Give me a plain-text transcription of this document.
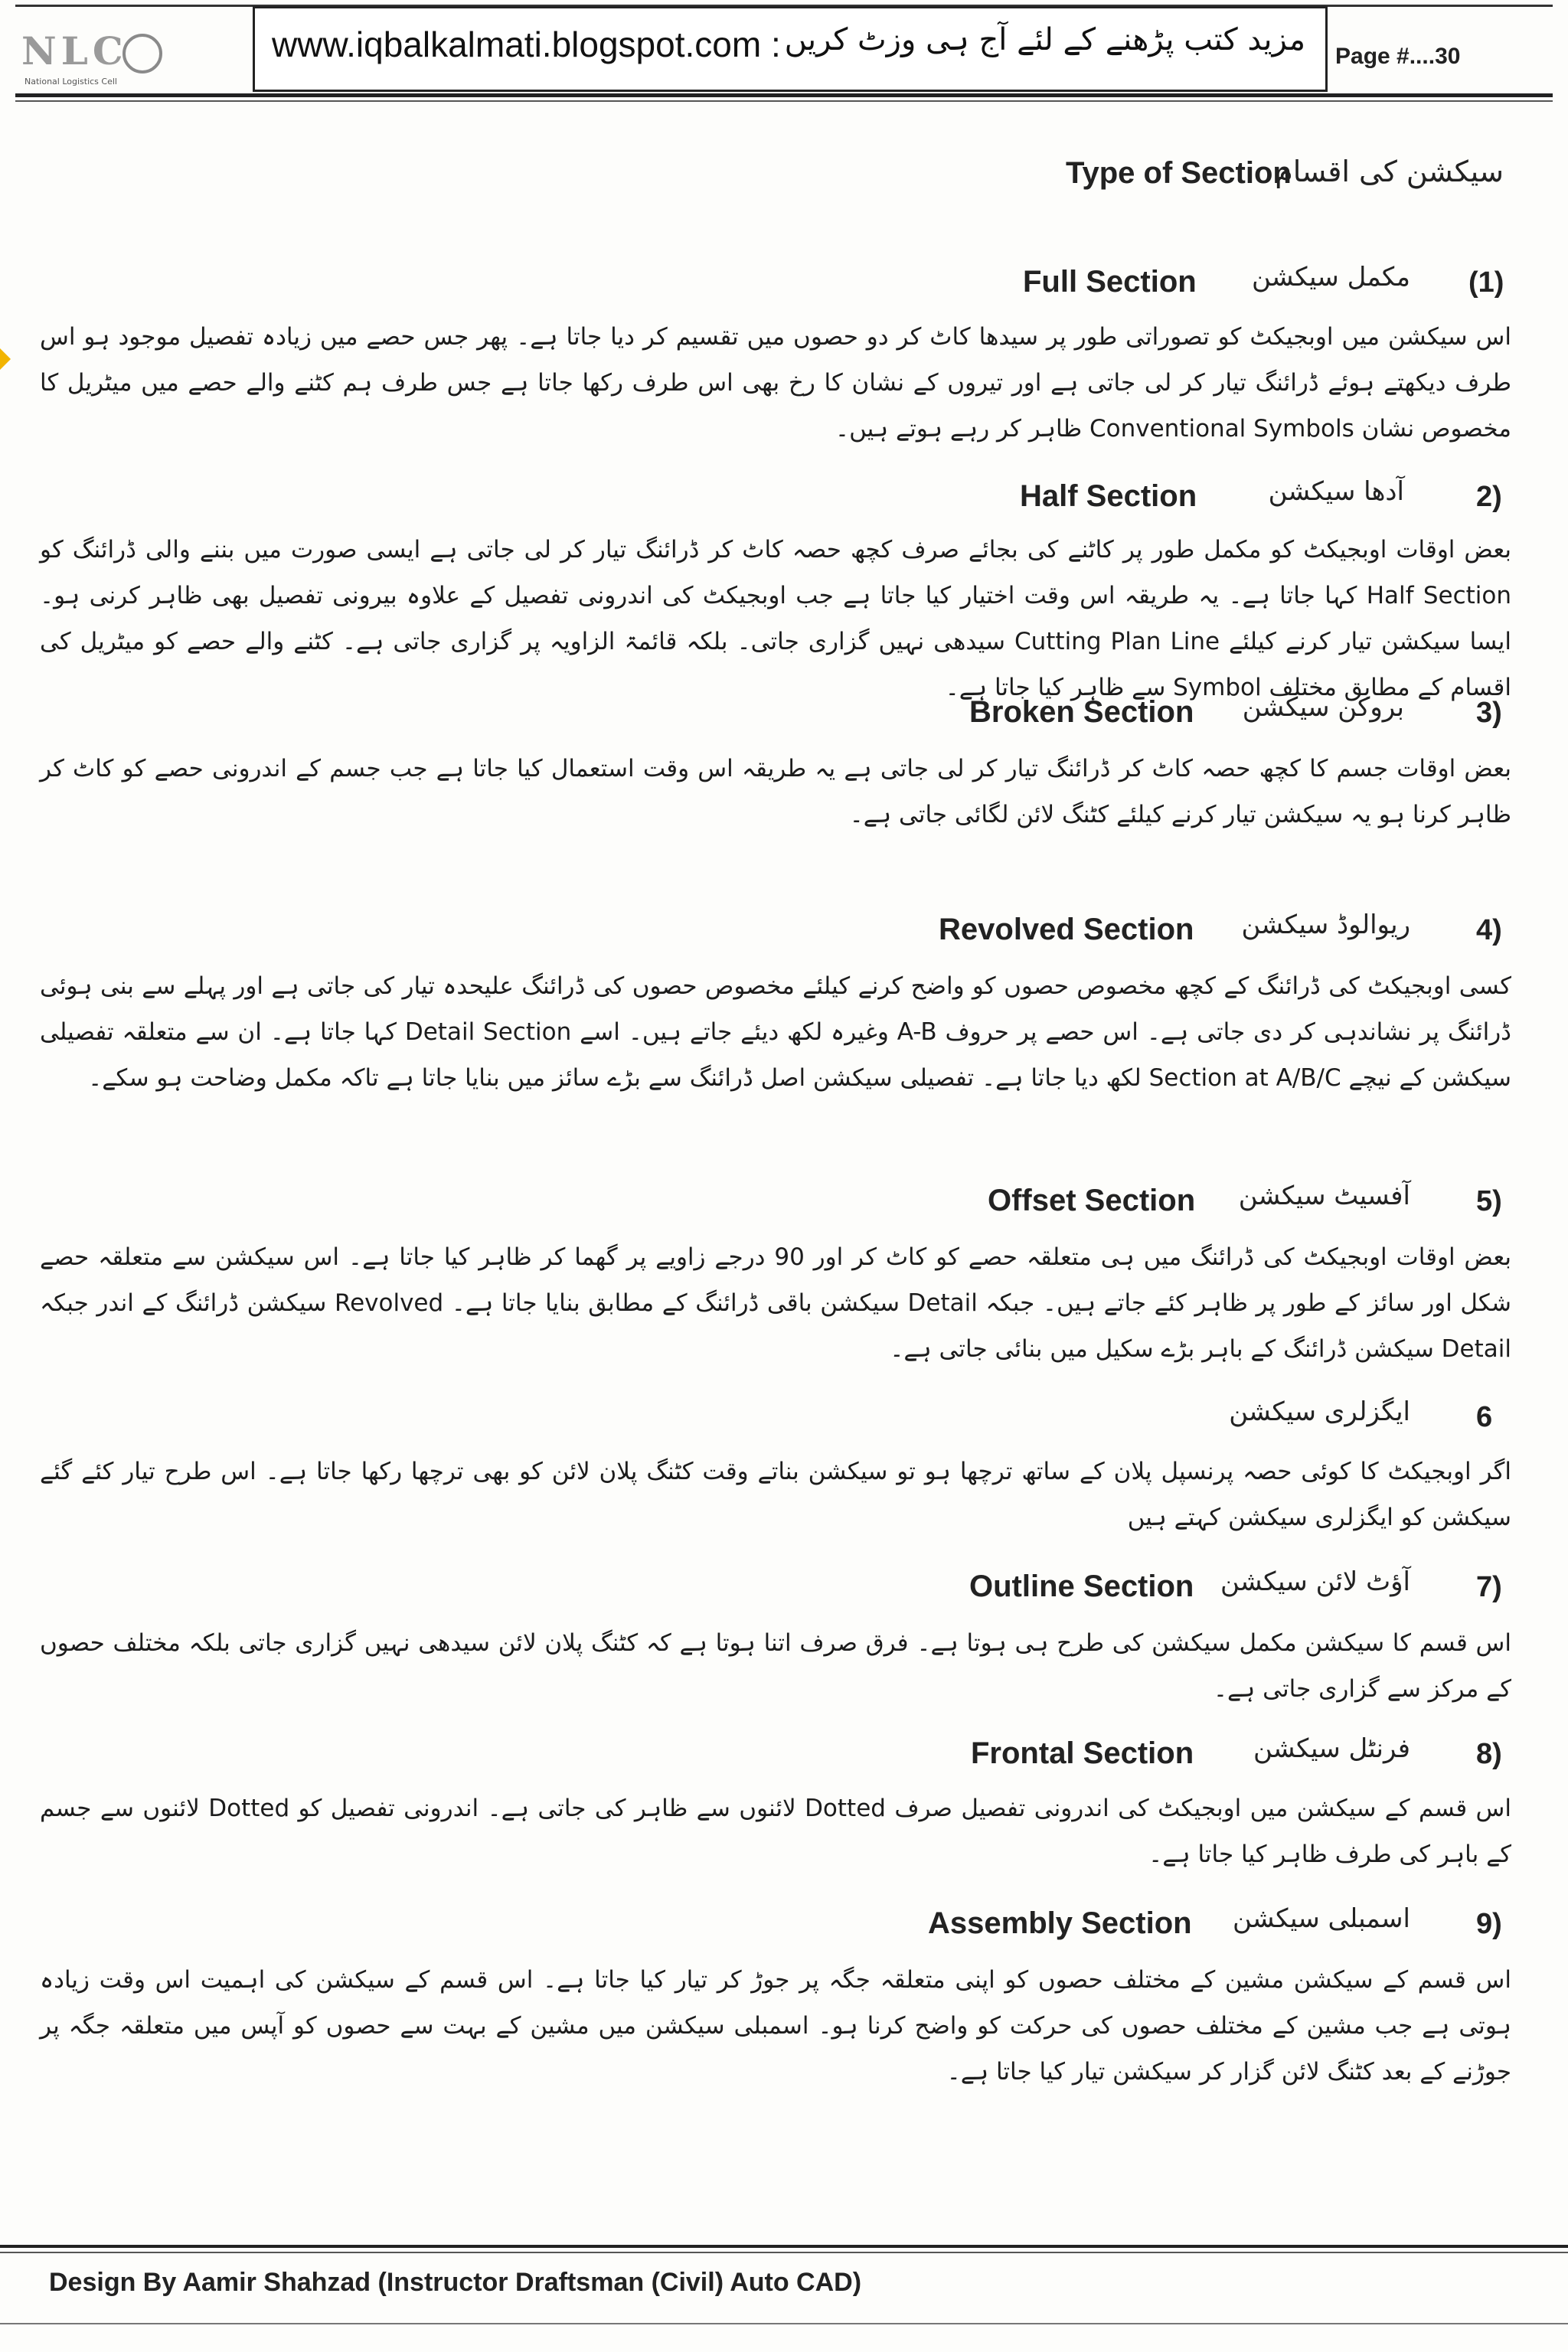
NLC
National Logistics Cell
www.iqbalkalmati.blogspot.com : مزید کتب پڑھنے کے لئے آج ہی وزٹ کریں Page #....30
Type of Section
سیکشن کی اقسام
Full Section مکمل سیکشن (1)
اس سیکشن میں اوبجیکٹ کو تصوراتی طور پر سیدھا کاٹ کر دو حصوں میں تقسیم کر دیا جاتا ہے۔ پھر جس حصے میں زیادہ تفصیل موجود ہو اس طرف دیکھتے ہوئے ڈرائنگ تیار کر لی جاتی ہے اور تیروں کے نشان کا رخ بھی اس طرف رکھا جاتا ہے جس طرف ہم کٹنے والے حصے میں میٹریل کا مخصوص نشان Conventional Symbols ظاہر کر رہے ہوتے ہیں۔
Half Section	آدھا سیکشن 2)
بعض اوقات اوبجیکٹ کو مکمل طور پر کاٹنے کی بجائے صرف کچھ حصہ کاٹ کر ڈرائنگ تیار کر لی جاتی ہے ایسی صورت میں بننے والی ڈرائنگ کو Half Section کہا جاتا ہے۔ یہ طریقہ اس وقت اختیار کیا جاتا ہے جب اوبجیکٹ کی اندرونی تفصیل کے علاوہ بیرونی تفصیل بھی ظاہر کرنی ہو۔ ایسا سیکشن تیار کرنے کیلئے Cutting Plan Line سیدھی نہیں گزاری جاتی۔ بلکہ قائمۃ الزاویہ پر گزاری جاتی ہے۔ کٹنے والے حصے کو میٹریل کی اقسام کے مطابق مختلف Symbol سے ظاہر کیا جاتا ہے۔
Broken Section بروکن سیکشن 3)
بعض اوقات جسم کا کچھ حصہ کاٹ کر ڈرائنگ تیار کر لی جاتی ہے یہ طریقہ اس وقت استعمال کیا جاتا ہے جب جسم کے اندرونی حصے کو کاٹ کر ظاہر کرنا ہو یہ سیکشن تیار کرنے کیلئے کٹنگ لائن لگائی جاتی ہے۔
Revolved Section ریوالوڈ سیکشن 4)
کسی اوبجیکٹ کی ڈرائنگ کے کچھ مخصوص حصوں کو واضح کرنے کیلئے مخصوص حصوں کی ڈرائنگ علیحدہ تیار کی جاتی ہے اور پہلے سے بنی ہوئی ڈرائنگ پر نشاندہی کر دی جاتی ہے۔ اس حصے پر حروف A-B وغیرہ لکھ دیئے جاتے ہیں۔ اسے Detail Section کہا جاتا ہے۔ ان سے متعلقہ تفصیلی سیکشن کے نیچے Section at A/B/C لکھ دیا جاتا ہے۔ تفصیلی سیکشن اصل ڈرائنگ سے بڑے سائز میں بنایا جاتا ہے تاکہ مکمل وضاحت ہو سکے۔
Offset Section آفسیٹ سیکشن 5)
بعض اوقات اوبجیکٹ کی ڈرائنگ میں ہی متعلقہ حصے کو کاٹ کر اور 90 درجے زاویے پر گھما کر ظاہر کیا جاتا ہے۔ اس سیکشن سے متعلقہ حصے شکل اور سائز کے طور پر ظاہر کئے جاتے ہیں۔ جبکہ Detail سیکشن باقی ڈرائنگ کے مطابق بنایا جاتا ہے۔ Revolved سیکشن ڈرائنگ کے اندر جبکہ Detail سیکشن ڈرائنگ کے باہر بڑے سکیل میں بنائی جاتی ہے۔
ایگزلری سیکشن 6
اگر اوبجیکٹ کا کوئی حصہ پرنسپل پلان کے ساتھ ترچھا ہو تو سیکشن بناتے وقت کٹنگ پلان لائن کو بھی ترچھا رکھا جاتا ہے۔ اس طرح تیار کئے گئے سیکشن کو ایگزلری سیکشن کہتے ہیں
Outline Section آؤٹ لائن سیکشن 7)
اس قسم کا سیکشن مکمل سیکشن کی طرح ہی ہوتا ہے۔ فرق صرف اتنا ہوتا ہے کہ کٹنگ پلان لائن سیدھی نہیں گزاری جاتی بلکہ مختلف حصوں کے مرکز سے گزاری جاتی ہے۔
Frontal Section فرنٹل سیکشن 8)
اس قسم کے سیکشن میں اوبجیکٹ کی اندرونی تفصیل صرف Dotted لائنوں سے ظاہر کی جاتی ہے۔ اندرونی تفصیل کو Dotted لائنوں سے جسم کے باہر کی طرف ظاہر کیا جاتا ہے۔
Assembly Section اسمبلی سیکشن 9)
اس قسم کے سیکشن مشین کے مختلف حصوں کو اپنی متعلقہ جگہ پر جوڑ کر تیار کیا جاتا ہے۔ اس قسم کے سیکشن کی اہمیت اس وقت زیادہ ہوتی ہے جب مشین کے مختلف حصوں کی حرکت کو واضح کرنا ہو۔ اسمبلی سیکشن میں مشین کے بہت سے حصوں کو آپس میں متعلقہ جگہ پر جوڑنے کے بعد کٹنگ لائن گزار کر سیکشن تیار کیا جاتا ہے۔
Design By Aamir Shahzad (Instructor Draftsman (Civil) Auto CAD)
